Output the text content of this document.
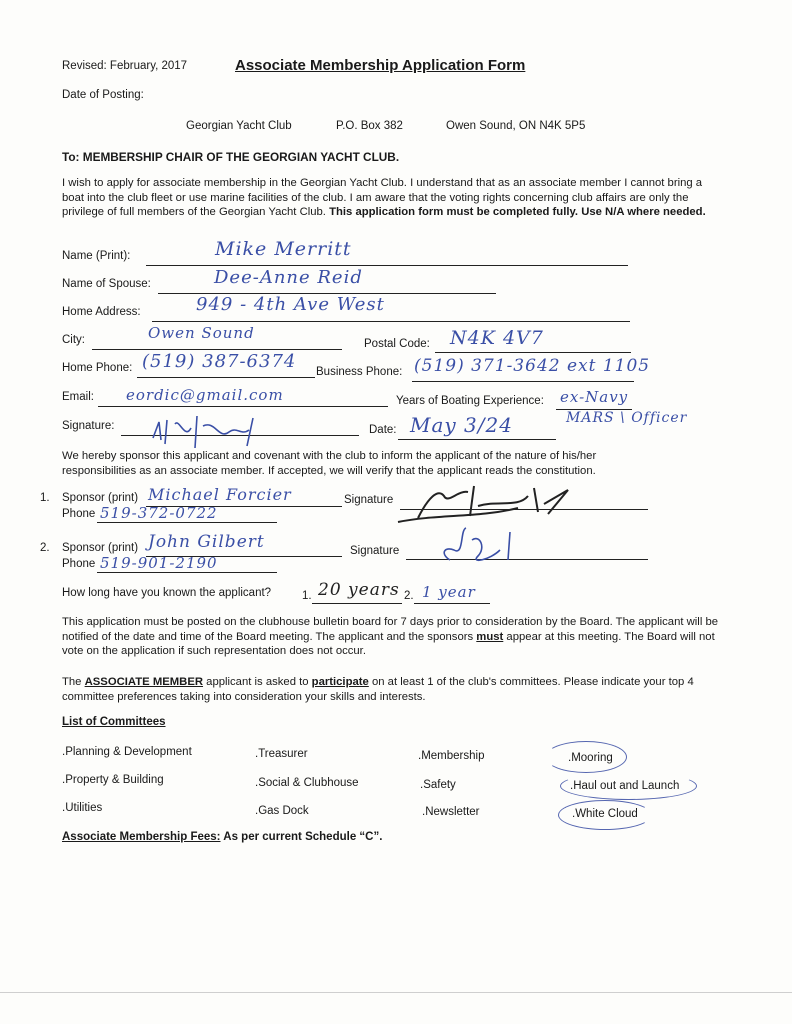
Revised: February, 2017	Associate Membership Application Form
Date of Posting:
Georgian Yacht Club	P.O. Box 382	Owen Sound, ON N4K 5P5
To: MEMBERSHIP CHAIR OF THE GEORGIAN YACHT CLUB.
I wish to apply for associate membership in the Georgian Yacht Club. I understand that as an associate member I cannot bring a boat into the club fleet or use marine facilities of the club. I am aware that the voting rights concerning club affairs are only the privilege of full members of the Georgian Yacht Club. This application form must be completed fully. Use N/A where needed.
Name (Print):	Mike Merritt
Name of Spouse:	Dee-Anne Reid
Home Address:	949 - 4th Ave West
City:	Owen Sound
Postal Code: N4K 4V7
Home Phone: (519) 387-6374 Business Phone: (519) 371-3642 ext 1105
Email: eordic@gmail.com	Years of Boating Experience: ex-Navy
MARS \ Officer
Signature:	Date: May 3/24
We hereby sponsor this applicant and covenant with the club to inform the applicant of the nature of his/her responsibilities as an associate member. If accepted, we will verify that the applicant reads the constitution.
1. Sponsor (print) Michael Forcier	Signature
Phone 519-372-0722
2. Sponsor (print) John Gilbert	Signature
Phone 519-901-2190
How long have you known the applicant?	1. 20 years 2. 1 year
This application must be posted on the clubhouse bulletin board for 7 days prior to consideration by the Board. The applicant will be notified of the date and time of the Board meeting. The applicant and the sponsors must appear at this meeting. The Board will not vote on the application if such representation does not occur.
The ASSOCIATE MEMBER applicant is asked to participate on at least 1 of the club's committees. Please indicate your top 4 committee preferences taking into consideration your skills and interests.
List of Committees
.Planning & Development	.Treasurer	.Membership	.Mooring
.Property & Building	.Social & Clubhouse	.Safety	.Haul out and Launch
.Utilities	.Gas Dock	.Newsletter	.White Cloud
Associate Membership Fees: As per current Schedule “C”.
